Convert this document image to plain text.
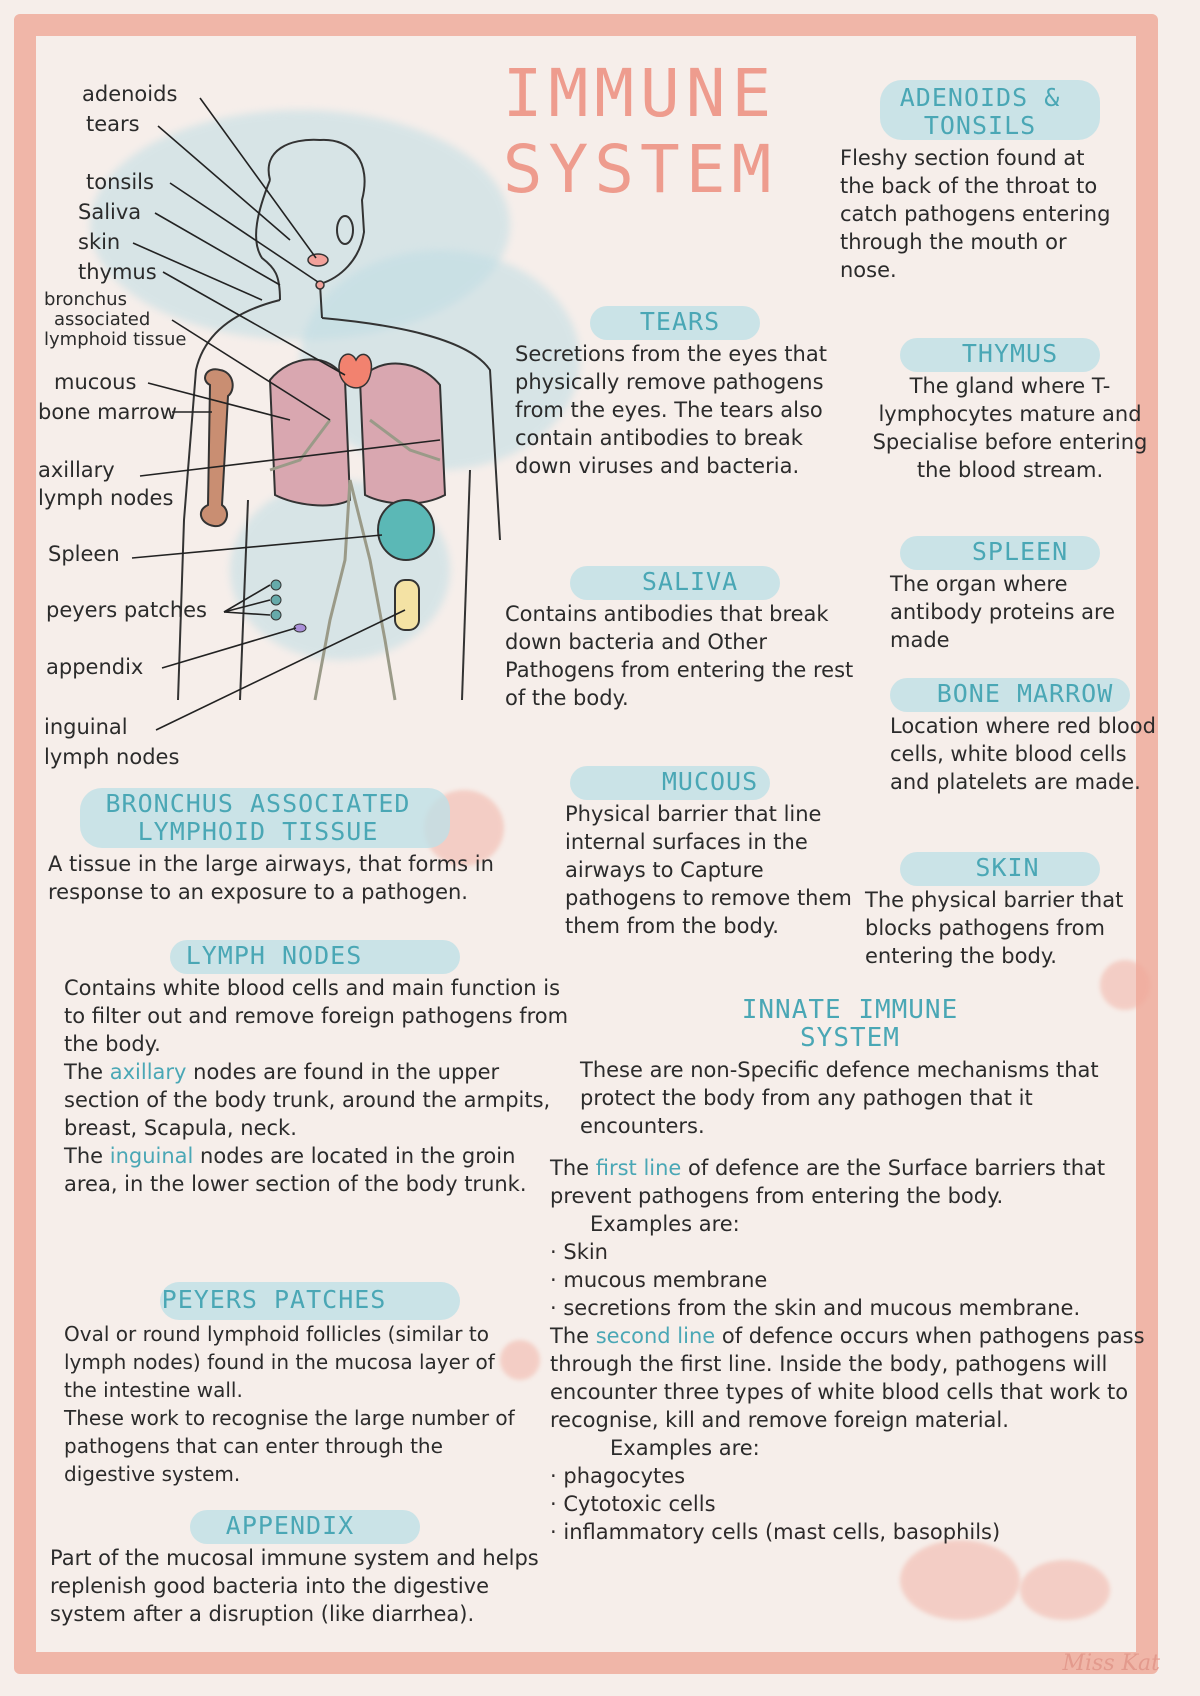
adenoids
tears
tonsils
Saliva
skin
thymus
bronchus
associated
lymphoid tissue
mucous
bone marrow
axillary
lymph nodes
Spleen
peyers patches
appendix
inguinal
lymph nodes
IMMUNE
SYSTEM
ADENOIDS &
TONSILS
Fleshy section found at the back of the throat to catch pathogens entering through the mouth or nose.
TEARS
Secretions from the eyes that physically remove pathogens from the eyes. The tears also contain antibodies to break down viruses and bacteria.
THYMUS
The gland where T-lymphocytes mature and Specialise before entering the blood stream.
SPLEEN
The organ where antibody proteins are made
SALIVA
Contains antibodies that break down bacteria and Other Pathogens from entering the rest of the body.	BONE MARROW
Location where red blood cells, white blood cells and platelets are made.
MUCOUS
Physical barrier that line internal surfaces in the airways to Capture pathogens to remove them them from the body.
SKIN
The physical barrier that blocks pathogens from entering the body.
BRONCHUS ASSOCIATED
LYMPHOID TISSUE
A tissue in the large airways, that forms in response to an exposure to a pathogen.
LYMPH NODES
Contains white blood cells and main function is to filter out and remove foreign pathogens from the body.
The axillary nodes are found in the upper section of the body trunk, around the armpits, breast, Scapula, neck.
The inguinal nodes are located in the groin area, in the lower section of the body trunk.
PEYERS PATCHES
Oval or round lymphoid follicles (similar to lymph nodes) found in the mucosa layer of the intestine wall.
These work to recognise the large number of pathogens that can enter through the digestive system.
APPENDIX
Part of the mucosal immune system and helps replenish good bacteria into the digestive system after a disruption (like diarrhea).
INNATE IMMUNE
SYSTEM
These are non-Specific defence mechanisms that protect the body from any pathogen that it encounters.
The first line of defence are the Surface barriers that prevent pathogens from entering the body.
Examples are:
· Skin
· mucous membrane
· secretions from the skin and mucous membrane.
The second line of defence occurs when pathogens pass through the first line. Inside the body, pathogens will encounter three types of white blood cells that work to recognise, kill and remove foreign material.
Examples are:
· phagocytes
· Cytotoxic cells
· inflammatory cells (mast cells, basophils)
Miss Kat
